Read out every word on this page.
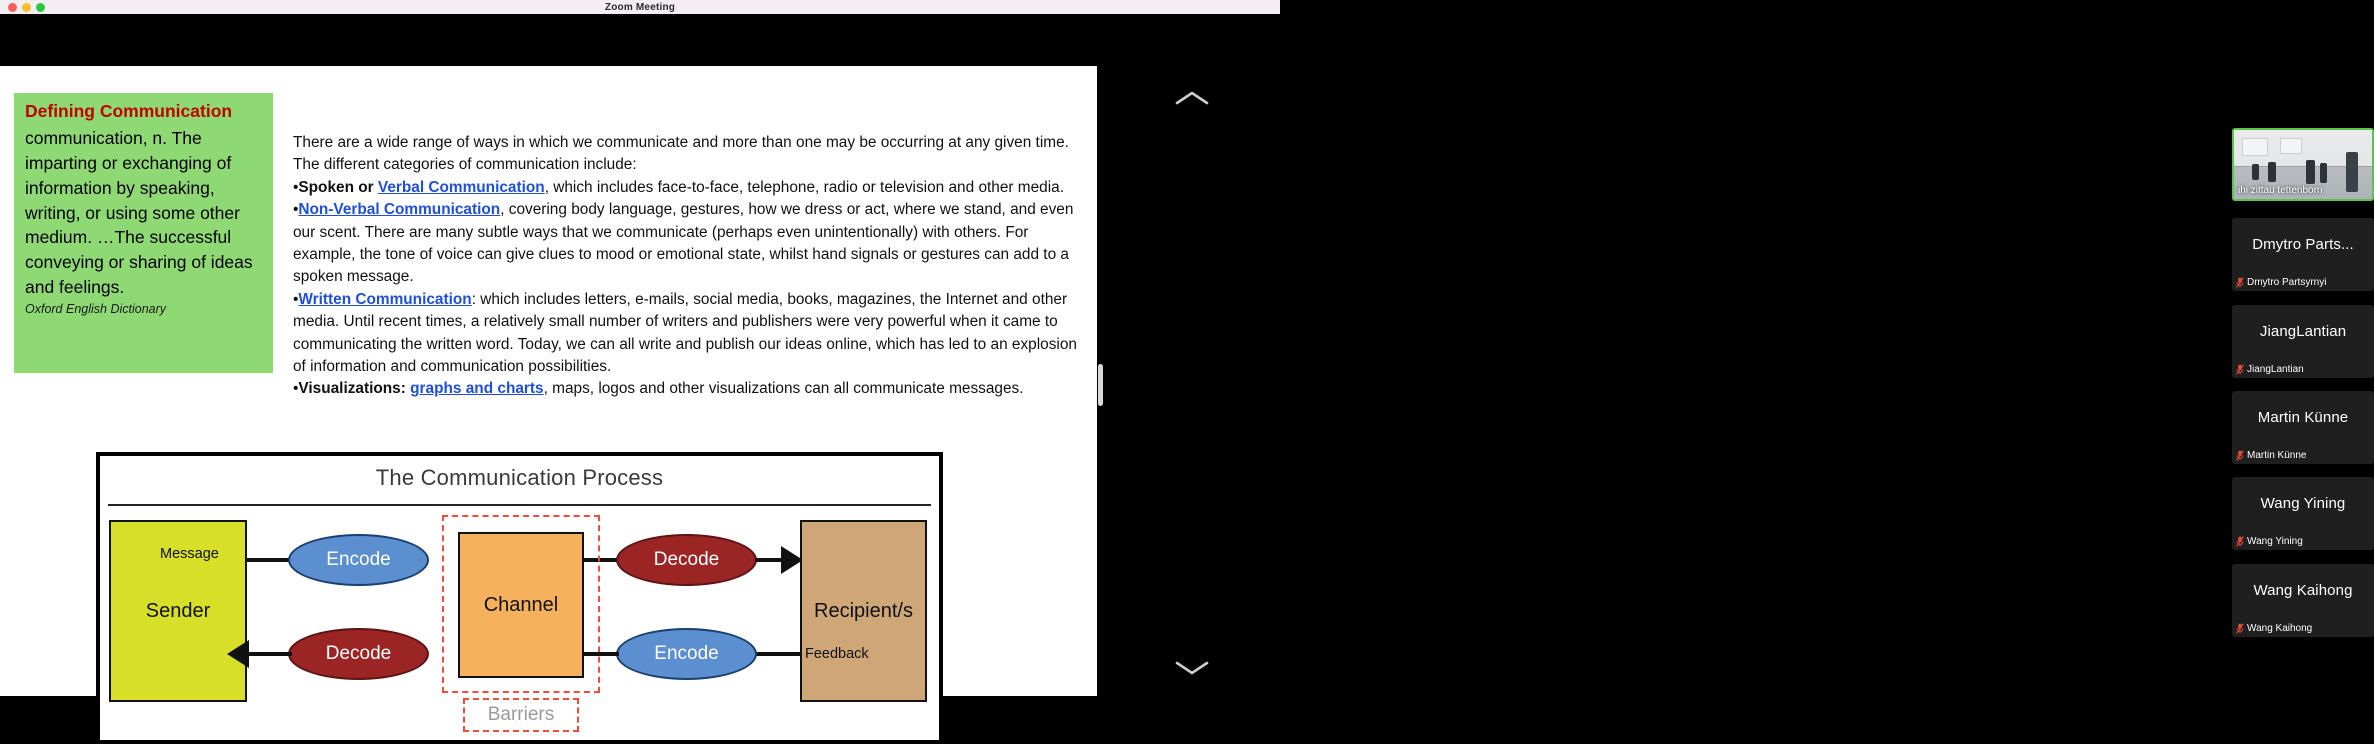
Zoom Meeting
Defining Communication

communication, n. The imparting or exchanging of information by speaking, writing, or using some other medium. …The successful conveying or sharing of ideas and feelings.

Oxford English Dictionary

There are a wide range of ways in which we communicate and more than one may be occurring at any given time.

The different categories of communication include:

•Spoken or Verbal Communication, which includes face-to-face, telephone, radio or television and other media.

•Non-Verbal Communication, covering body language, gestures, how we dress or act, where we stand, and even our scent. There are many subtle ways that we communicate (perhaps even unintentionally) with others. For example, the tone of voice can give clues to mood or emotional state, whilst hand signals or gestures can add to a spoken message.

•Written Communication: which includes letters, e-mails, social media, books, magazines, the Internet and other media. Until recent times, a relatively small number of writers and publishers were very powerful when it came to communicating the written word. Today, we can all write and publish our ideas online, which has led to an explosion of information and communication possibilities.

•Visualizations: graphs and charts, maps, logos and other visualizations can all communicate messages.

The Communication Process
Sender
Message	Encode
Channel
Barriers
Decode
Recipient/s
Feedback
Encode
Decode
ihi zittau tettenborn
Dmytro Parts...
Dmytro Partsyrnyi
JiangLantian
JiangLantian
Martin Künne
Martin Künne
Wang Yining
Wang Yining
Wang Kaihong
Wang Kaihong
